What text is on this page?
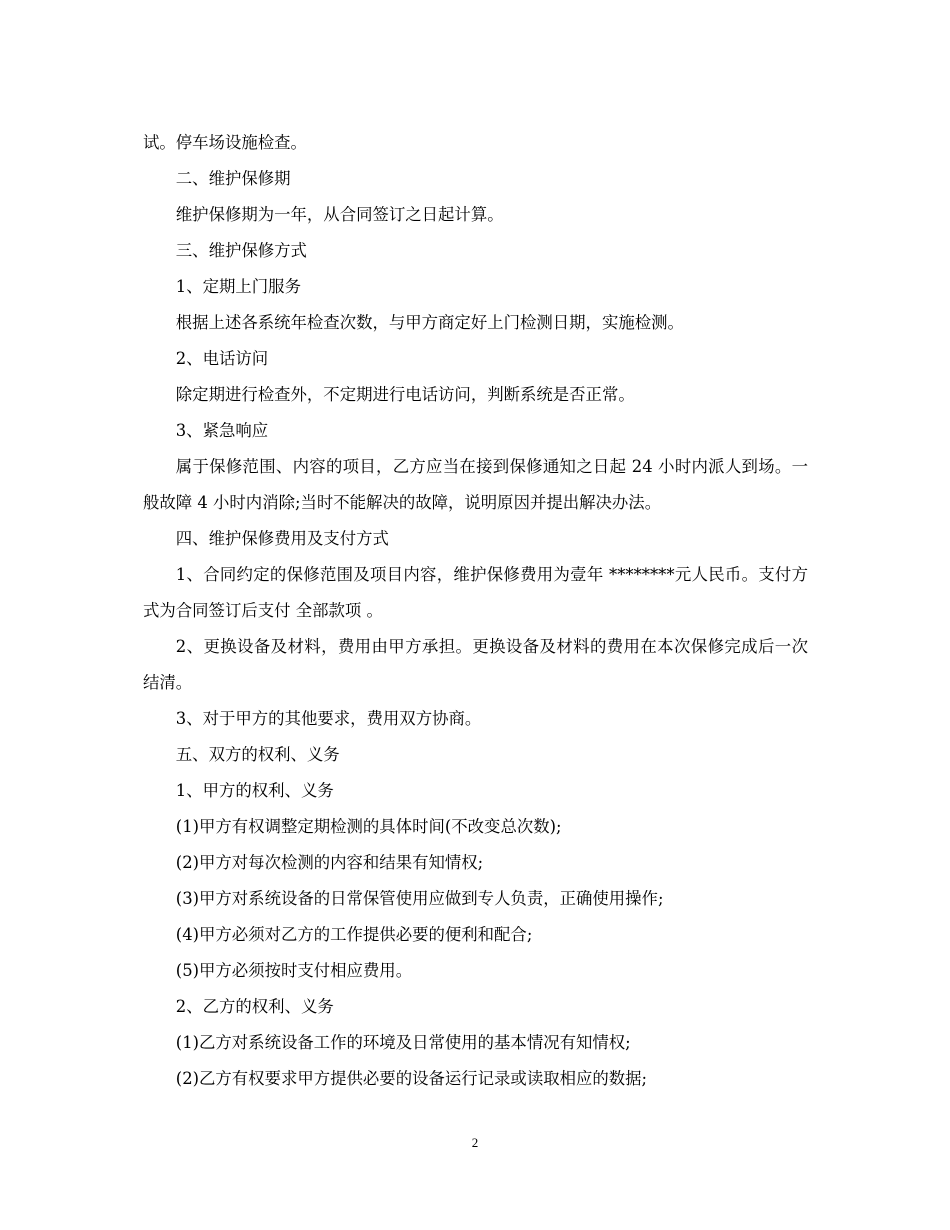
试。停车场设施检查。

二、维护保修期

维护保修期为一年，从合同签订之日起计算。

三、维护保修方式

1、定期上门服务

根据上述各系统年检查次数，与甲方商定好上门检测日期，实施检测。

2、电话访问

除定期进行检查外，不定期进行电话访问，判断系统是否正常。

3、紧急响应

属于保修范围、内容的项目，乙方应当在接到保修通知之日起 24 小时内派人到场。一般故障 4 小时内消除;当时不能解决的故障，说明原因并提出解决办法。

四、维护保修费用及支付方式

1、合同约定的保修范围及项目内容，维护保修费用为壹年 ********元人民币。支付方式为合同签订后支付 全部款项 。

2、更换设备及材料，费用由甲方承担。更换设备及材料的费用在本次保修完成后一次结清。

3、对于甲方的其他要求，费用双方协商。

五、双方的权利、义务

1、甲方的权利、义务

(1)甲方有权调整定期检测的具体时间(不改变总次数);

(2)甲方对每次检测的内容和结果有知情权;

(3)甲方对系统设备的日常保管使用应做到专人负责，正确使用操作;

(4)甲方必须对乙方的工作提供必要的便利和配合;

(5)甲方必须按时支付相应费用。

2、乙方的权利、义务

(1)乙方对系统设备工作的环境及日常使用的基本情况有知情权;

(2)乙方有权要求甲方提供必要的设备运行记录或读取相应的数据;

2
